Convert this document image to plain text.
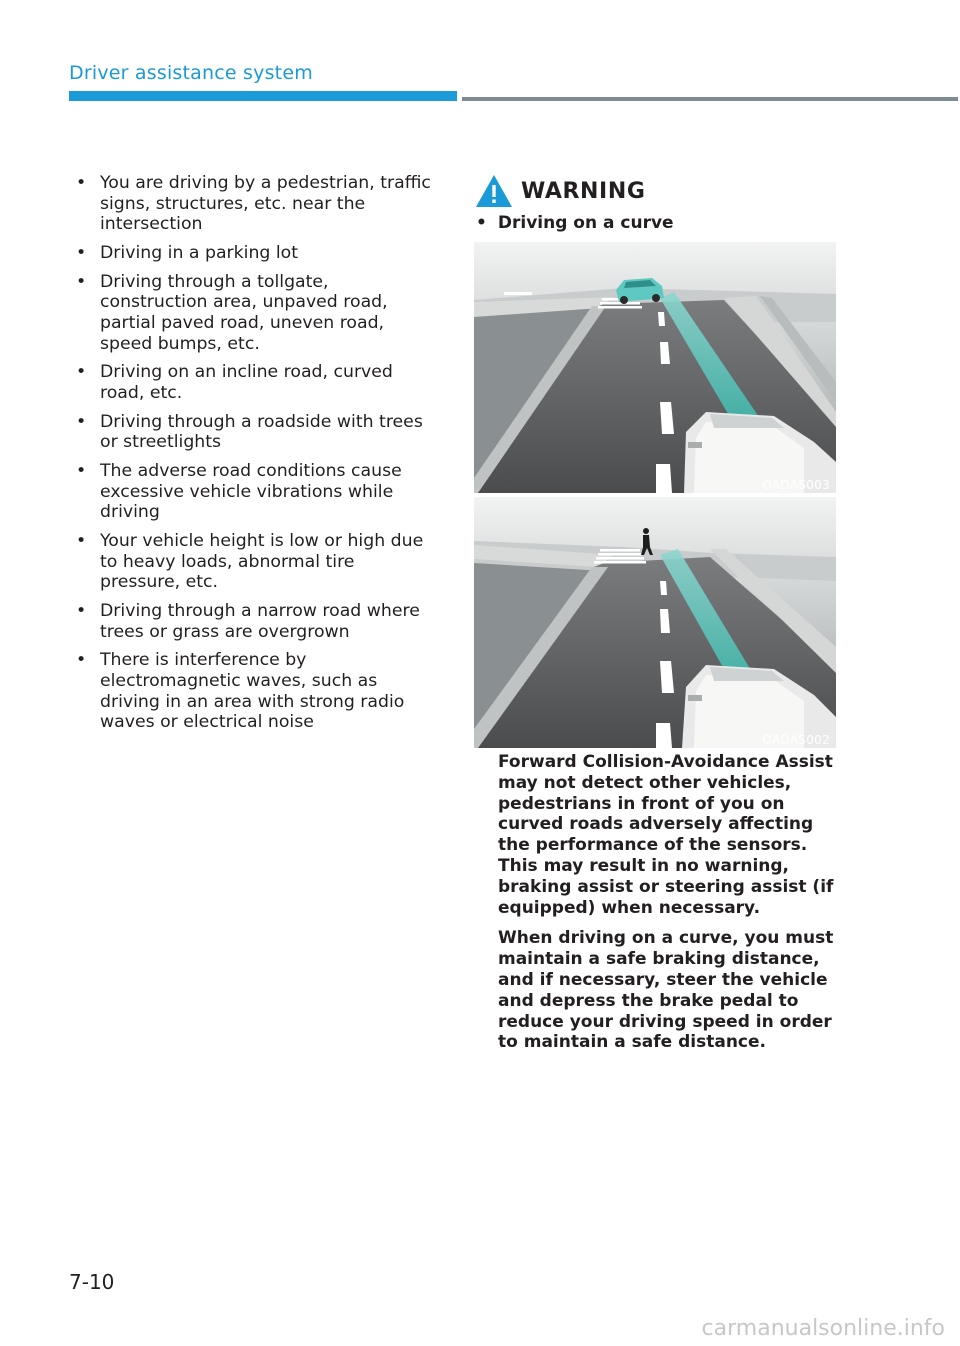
Driver assistance system
• You are driving by a pedestrian, traffic signs, structures, etc. near the intersection
• Driving in a parking lot
• Driving through a tollgate, construction area, unpaved road, partial paved road, uneven road, speed bumps, etc.
• Driving on an incline road, curved road, etc.
• Driving through a roadside with trees or streetlights
• The adverse road conditions cause excessive vehicle vibrations while driving
• Your vehicle height is low or high due to heavy loads, abnormal tire pressure, etc.
• Driving through a narrow road where trees or grass are overgrown
• There is interference by electromagnetic waves, such as driving in an area with strong radio waves or electrical noise
WARNING
• Driving on a curve
OADAS003
OADAS002

Forward Collision-Avoidance Assist may not detect other vehicles, pedestrians in front of you on curved roads adversely affecting the performance of the sensors. This may result in no warning, braking assist or steering assist (if equipped) when necessary.

When driving on a curve, you must maintain a safe braking distance, and if necessary, steer the vehicle and depress the brake pedal to reduce your driving speed in order to maintain a safe distance.

7-10
carmanualsonline.info
